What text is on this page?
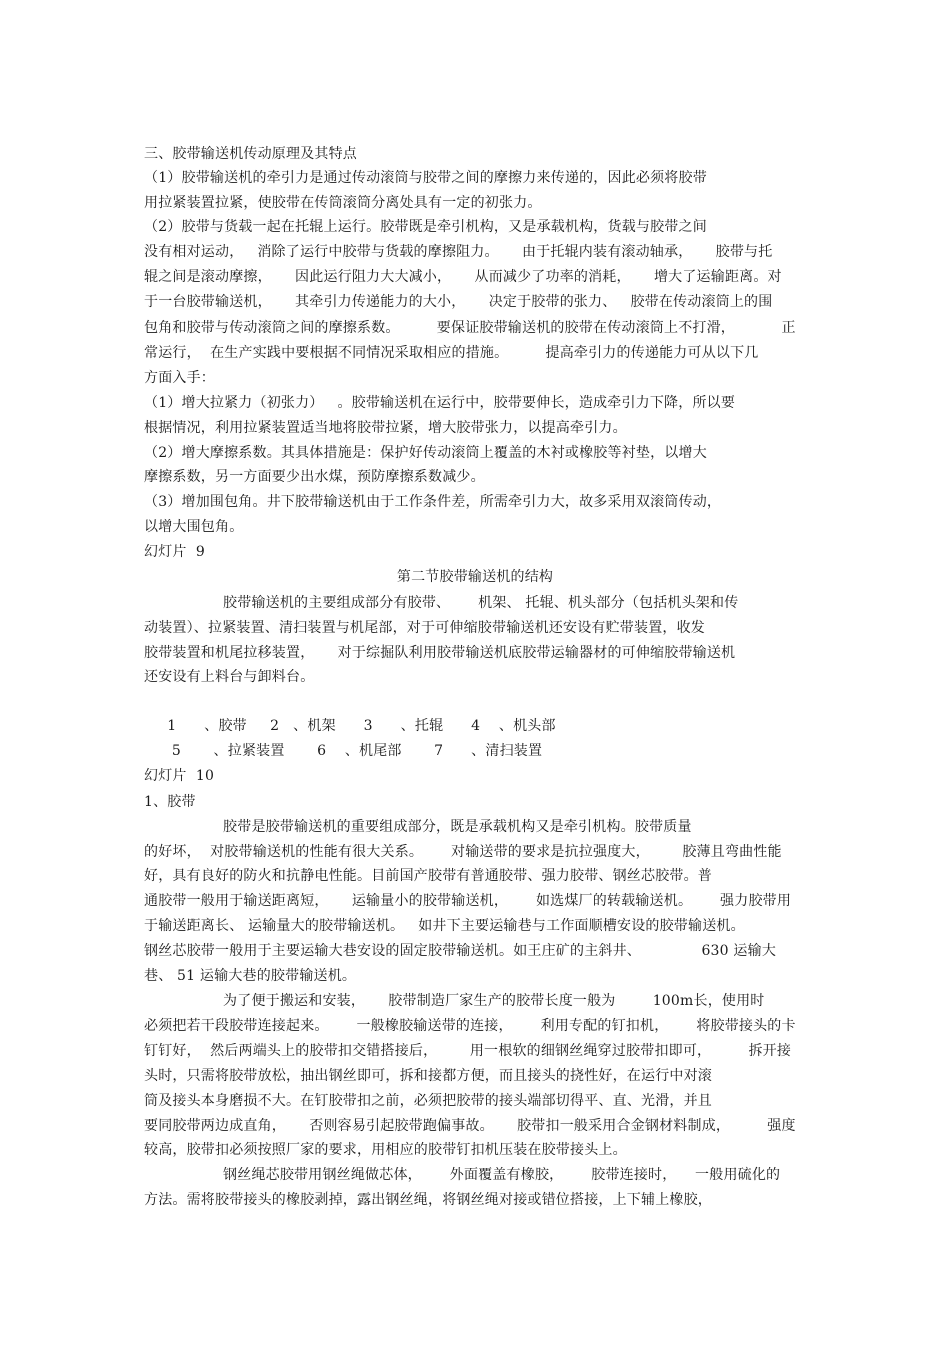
三、胶带输送机传动原理及其特点
（1）胶带输送机的牵引力是通过传动滚筒与胶带之间的摩擦力来传递的，因此必须将胶带
用拉紧装置拉紧，使胶带在传筒滚筒分离处具有一定的初张力。
（2）胶带与货载一起在托辊上运行。胶带既是牵引机构，又是承载机构，货载与胶带之间
没有相对运动，   消除了运行中胶带与货载的摩擦阻力。     由于托辊内装有滚动轴承，     胶带与托
辊之间是滚动摩擦，     因此运行阻力大大减小，     从而减少了功率的消耗，     增大了运输距离。对
于一台胶带输送机，     其牵引力传递能力的大小，     决定于胶带的张力、   胶带在传动滚筒上的围
包角和胶带与传动滚筒之间的摩擦系数。        要保证胶带输送机的胶带在传动滚筒上不打滑，          正
常运行，  在生产实践中要根据不同情况采取相应的措施。        提高牵引力的传递能力可从以下几
方面入手：
（1）增大拉紧力（初张力）   。胶带输送机在运行中，胶带要伸长，造成牵引力下降，所以要
根据情况，利用拉紧装置适当地将胶带拉紧，增大胶带张力，以提高牵引力。
（2）增大摩擦系数。其具体措施是：保护好传动滚筒上覆盖的木衬或橡胶等衬垫，以增大
摩擦系数，另一方面要少出水煤，预防摩擦系数减少。
（3）增加围包角。井下胶带输送机由于工作条件差，所需牵引力大，故多采用双滚筒传动，
以增大围包角。
幻灯片  9
第二节胶带输送机的结构
胶带输送机的主要组成部分有胶带、      机架、 托辊、机头部分（包括机头架和传
动装置）、拉紧装置、清扫装置与机尾部，对于可伸缩胶带输送机还安设有贮带装置，收发
胶带装置和机尾拉移装置，     对于综掘队利用胶带输送机底胶带运输器材的可伸缩胶带输送机
还安设有上料台与卸料台。
1      、胶带     2   、机架      3      、托辊      4    、机头部
5       、拉紧装置       6    、机尾部       7      、清扫装置
幻灯片  10
1、胶带
胶带是胶带输送机的重要组成部分，既是承载机构又是牵引机构。胶带质量
的好坏，  对胶带输送机的性能有很大关系。      对输送带的要求是抗拉强度大，       胶薄且弯曲性能
好，具有良好的防火和抗静电性能。目前国产胶带有普通胶带、强力胶带、钢丝芯胶带。普
通胶带一般用于输送距离短，     运输量小的胶带输送机，      如选煤厂的转载输送机。      强力胶带用
于输送距离长、 运输量大的胶带输送机。   如井下主要运输巷与工作面顺槽安设的胶带输送机。
钢丝芯胶带一般用于主要运输大巷安设的固定胶带输送机。如王庄矿的主斜井、             630 运输大
巷、 51 运输大巷的胶带输送机。
为了便于搬运和安装，     胶带制造厂家生产的胶带长度一般为        100m长，使用时
必须把若干段胶带连接起来。      一般橡胶输送带的连接，      利用专配的钉扣机，      将胶带接头的卡
钉钉好，  然后两端头上的胶带扣交错搭接后，       用一根软的细钢丝绳穿过胶带扣即可，        拆开接
头时，只需将胶带放松，抽出钢丝即可，拆和接都方便，而且接头的挠性好，在运行中对滚
筒及接头本身磨损不大。在钉胶带扣之前，必须把胶带的接头端部切得平、直、光滑，并且
要同胶带两边成直角，     否则容易引起胶带跑偏事故。     胶带扣一般采用合金钢材料制成，        强度
较高，胶带扣必须按照厂家的要求，用相应的胶带钉扣机压装在胶带接头上。
钢丝绳芯胶带用钢丝绳做芯体，      外面覆盖有橡胶，      胶带连接时，    一般用硫化的
方法。需将胶带接头的橡胶剥掉，露出钢丝绳，将钢丝绳对接或错位搭接，上下辅上橡胶，
